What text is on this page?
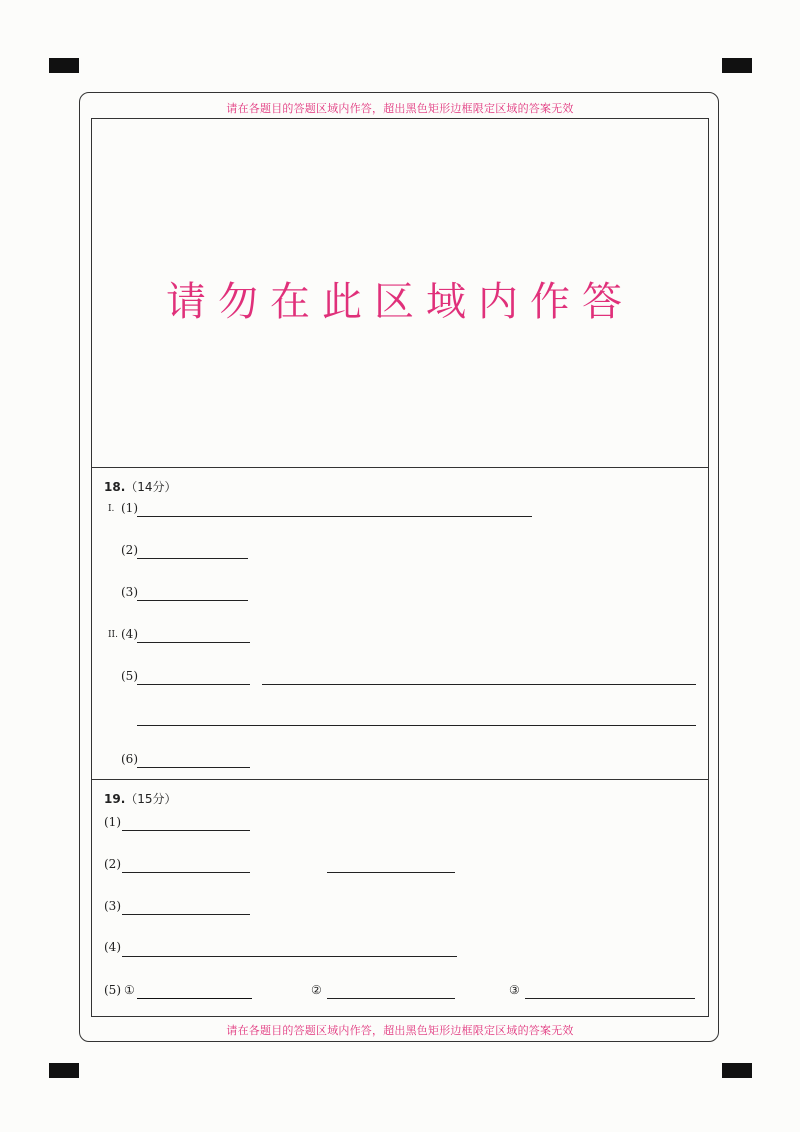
请在各题目的答题区域内作答，超出黑色矩形边框限定区域的答案无效
请在各题目的答题区域内作答，超出黑色矩形边框限定区域的答案无效
请勿在此区域内作答
18.（14分）
I. (1)
(2)
(3)
II. (4)
(5)
(6)
19.（15分）
(1)
(2)
(3)
(4)
(5) ①	②	③
